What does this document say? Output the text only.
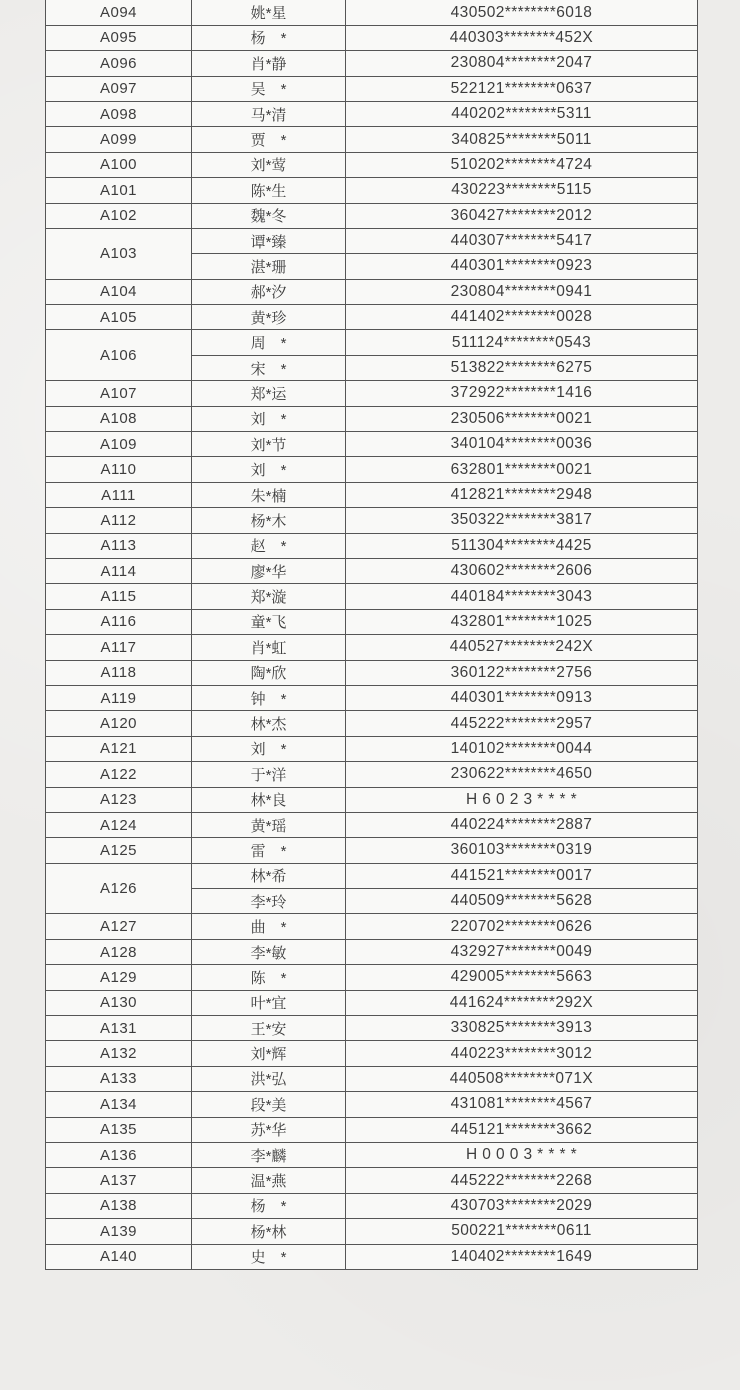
A094	姚*星	430502********6018
A095	杨　*	440303********452X
A096	肖*静	230804********2047
A097	吴　*	522121********0637
A098	马*清	440202********5311
A099	贾　*	340825********5011
A100	刘*莺	510202********4724
A101	陈*生	430223********5115
A102	魏*冬	360427********2012
A103	谭*臻	440307********5417
	湛*珊	440301********0923
A104	郝*汐	230804********0941
A105	黄*珍	441402********0028
A106	周　*	511124********0543
	宋　*	513822********6275
A107	郑*运	372922********1416
A108	刘　*	230506********0021
A109	刘*节	340104********0036
A110	刘　*	632801********0021
A111	朱*楠	412821********2948
A112	杨*木	350322********3817
A113	赵　*	511304********4425
A114	廖*华	430602********2606
A115	郑*漩	440184********3043
A116	童*飞	432801********1025
A117	肖*虹	440527********242X
A118	陶*欣	360122********2756
A119	钟　*	440301********0913
A120	林*杰	445222********2957
A121	刘　*	140102********0044
A122	于*洋	230622********4650
A123	林*良	H 6 0 2 3 * * * *
A124	黄*瑶	440224********2887
A125	雷　*	360103********0319
A126	林*希	441521********0017
	李*玲	440509********5628
A127	曲　*	220702********0626
A128	李*敏	432927********0049
A129	陈　*	429005********5663
A130	叶*宜	441624********292X
A131	王*安	330825********3913
A132	刘*辉	440223********3012
A133	洪*弘	440508********071X
A134	段*美	431081********4567
A135	苏*华	445121********3662
A136	李*麟	H 0 0 0 3 * * * *
A137	温*燕	445222********2268
A138	杨　*	430703********2029
A139	杨*林	500221********0611
A140	史　*	140402********1649
